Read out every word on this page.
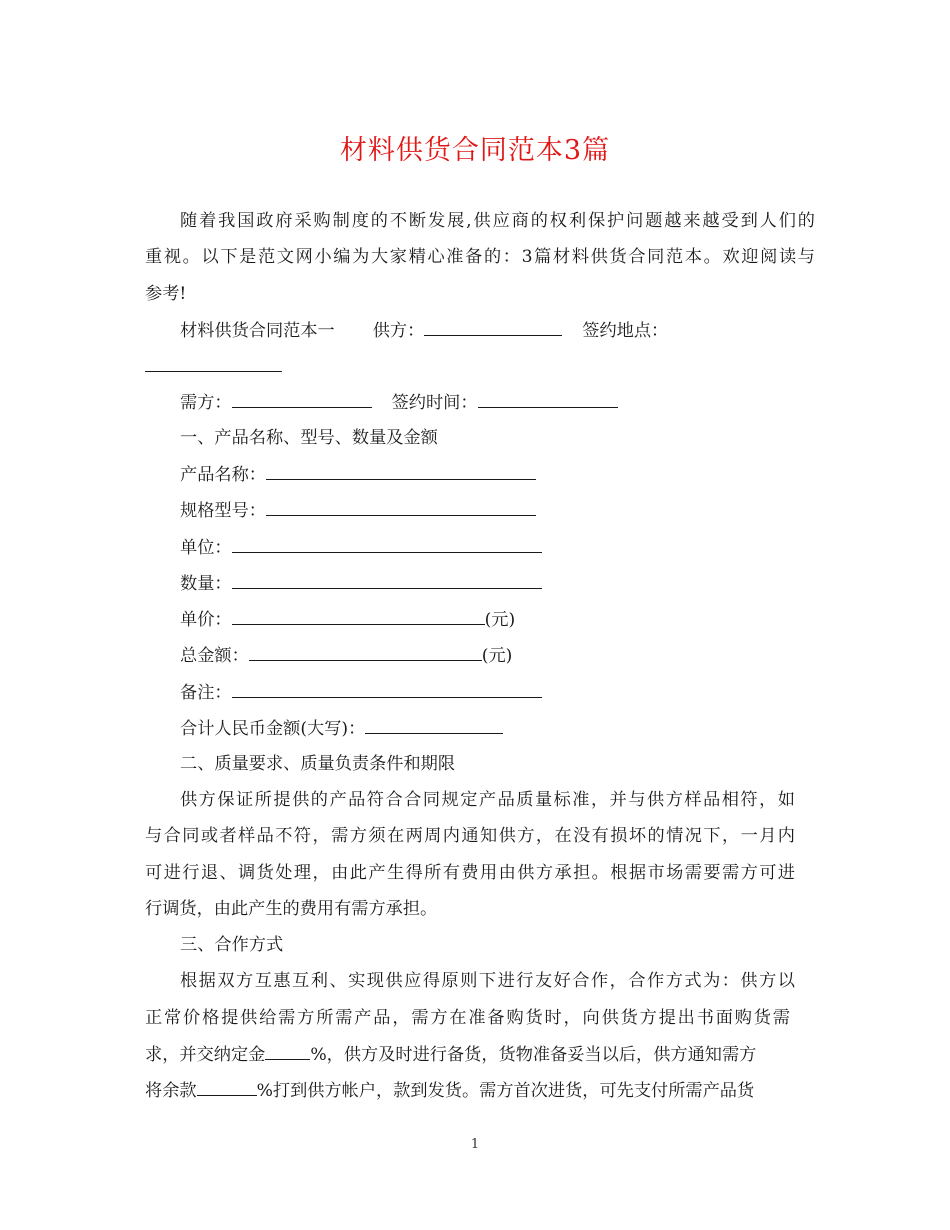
材料供货合同范本3篇
随着我国政府采购制度的不断发展,供应商的权利保护问题越来越受到人们的
重视。以下是范文网小编为大家精心准备的：3篇材料供货合同范本。欢迎阅读与
参考!
材料供货合同范本一 供方：	签约地点：
需方：	签约时间：
一、产品名称、型号、数量及金额
产品名称：
规格型号：
单位：
数量：
单价：	(元)
总金额：	(元)
备注：
合计人民币金额(大写)：
二、质量要求、质量负责条件和期限
供方保证所提供的产品符合合同规定产品质量标准，并与供方样品相符，如
与合同或者样品不符，需方须在两周内通知供方，在没有损坏的情况下，一月内
可进行退、调货处理，由此产生得所有费用由供方承担。根据市场需要需方可进
行调货，由此产生的费用有需方承担。
三、合作方式
根据双方互惠互利、实现供应得原则下进行友好合作，合作方式为：供方以
正常价格提供给需方所需产品，需方在准备购货时，向供货方提出书面购货需
求，并交纳定金	%，供方及时进行备货，货物准备妥当以后，供方通知需方
将余款	%打到供方帐户，款到发货。需方首次进货，可先支付所需产品货
1
